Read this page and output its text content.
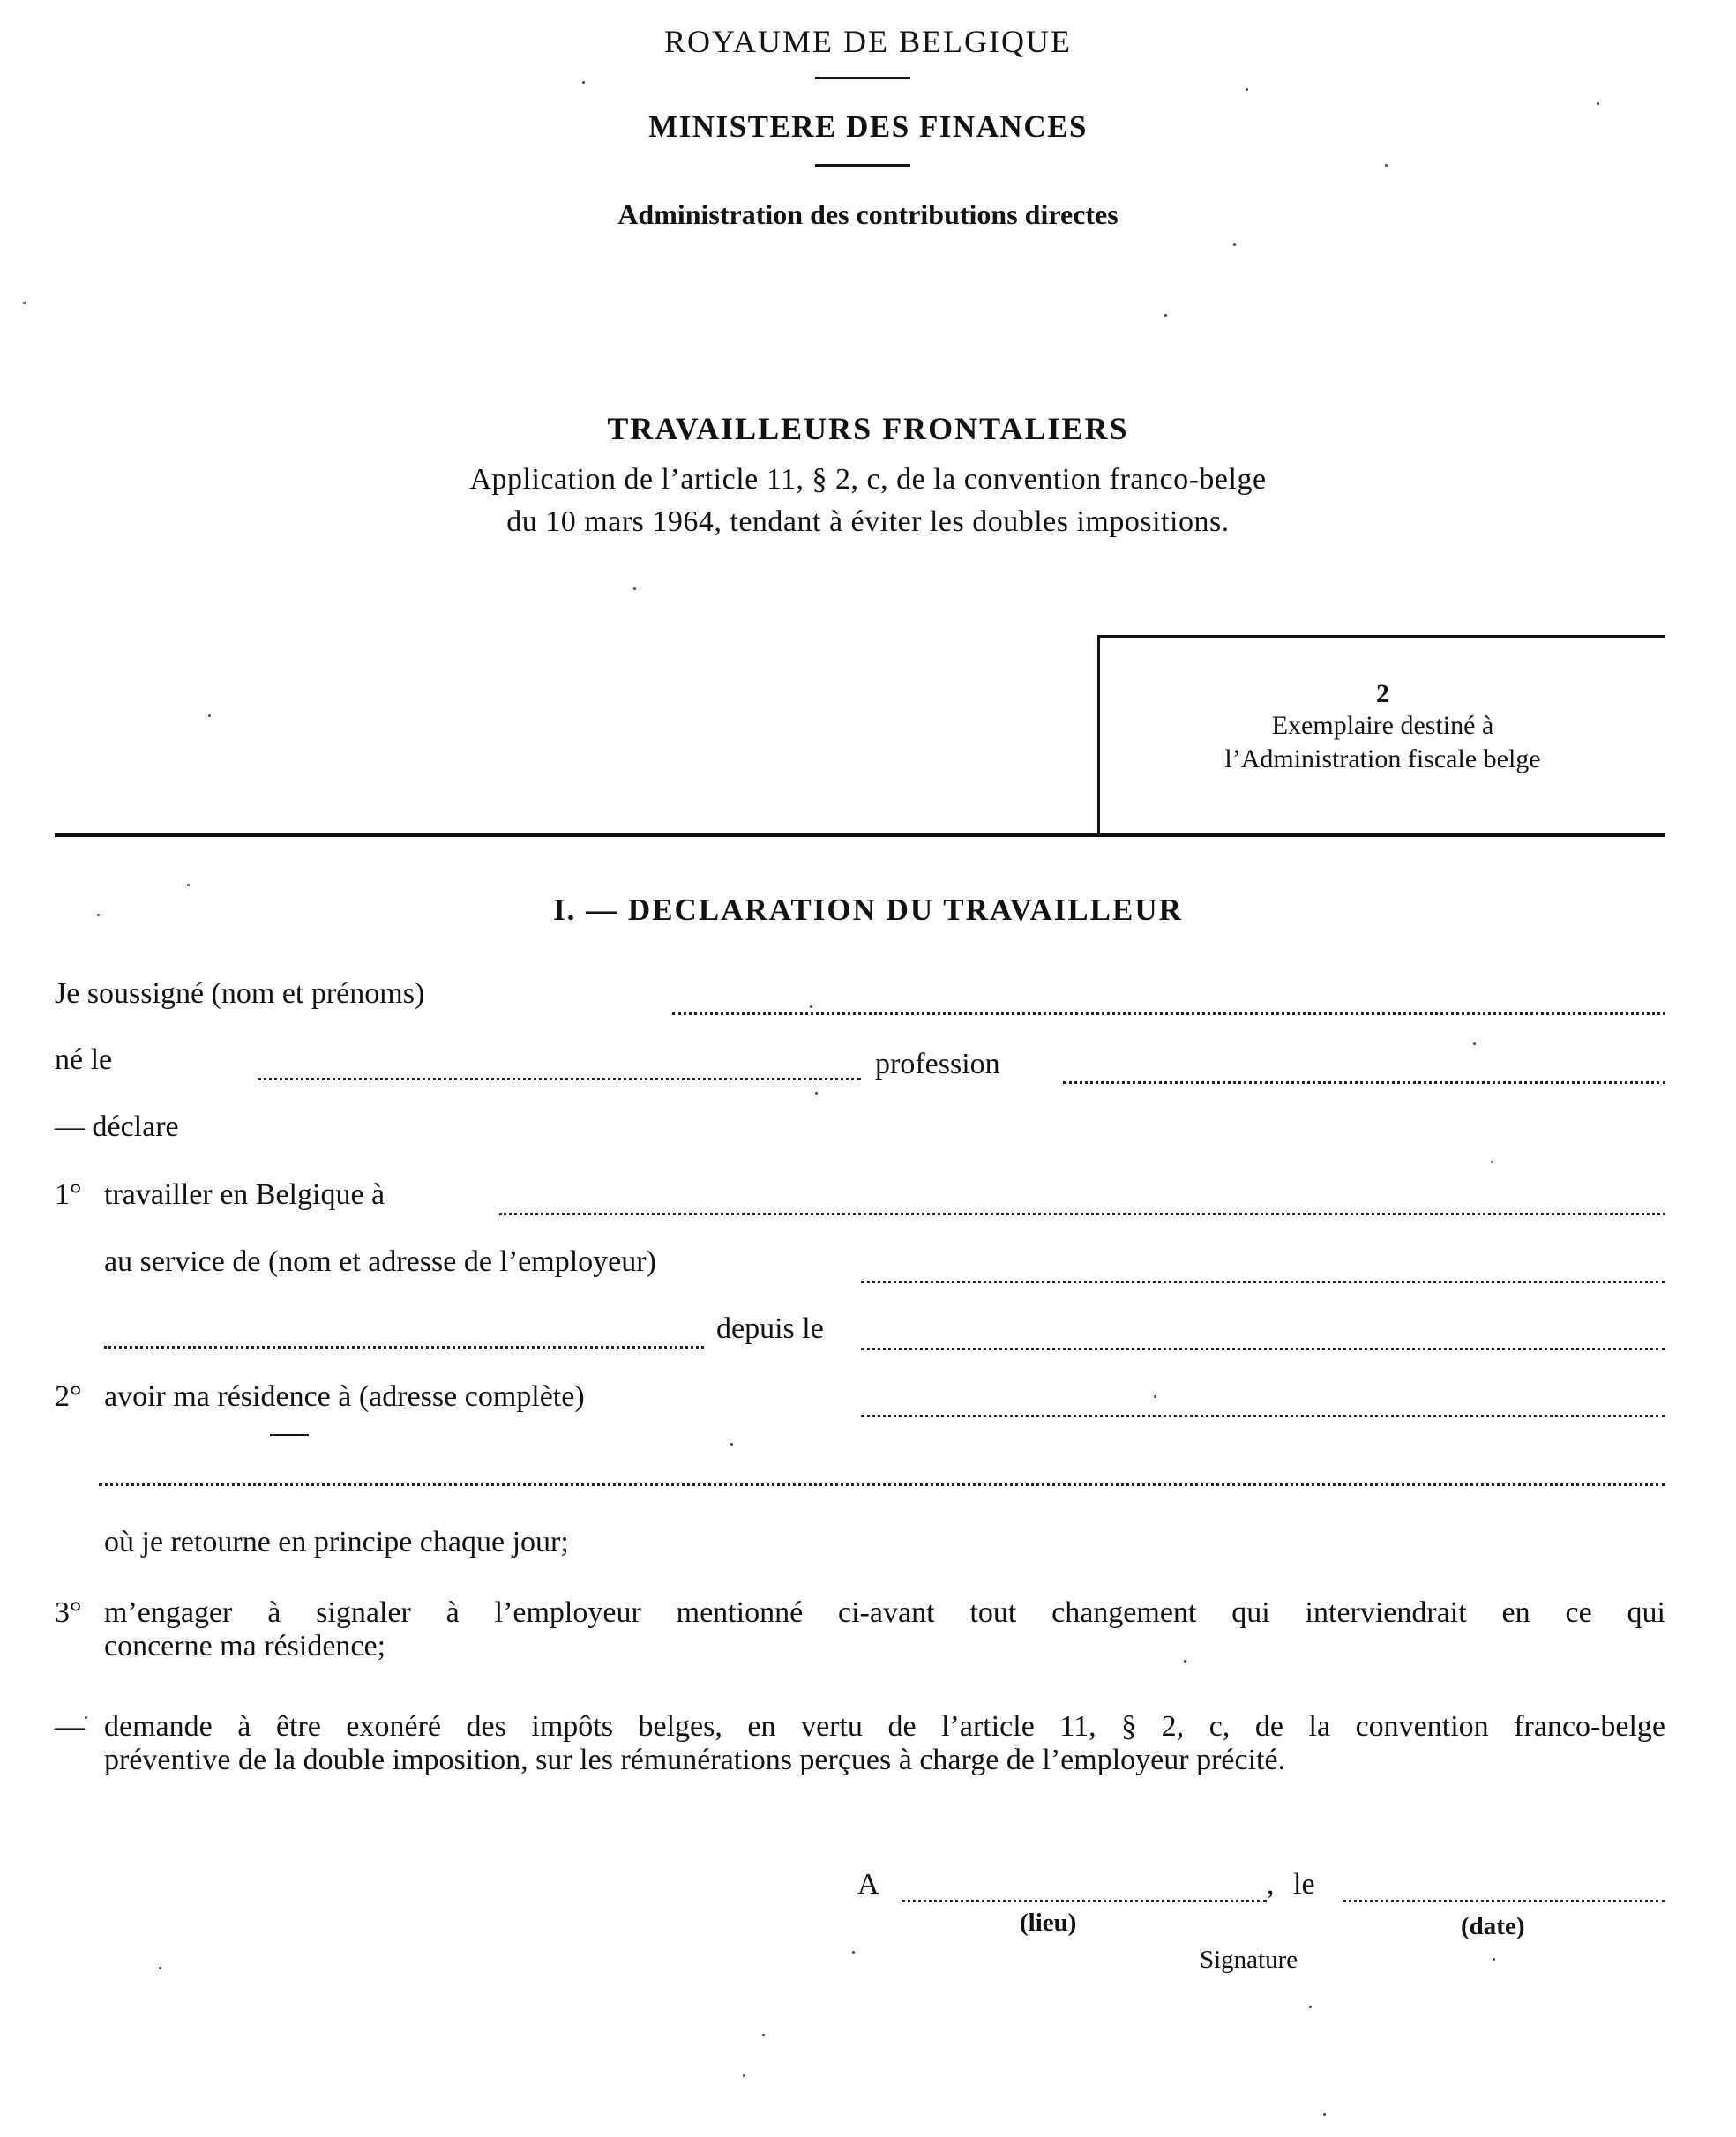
ROYAUME DE BELGIQUE
MINISTERE DES FINANCES
Administration des contributions directes
TRAVAILLEURS FRONTALIERS
Application de l’article 11, § 2, c, de la convention franco-belge
du 10 mars 1964, tendant à éviter les doubles impositions.
2
Exemplaire destiné à
l’Administration fiscale belge
I. — DECLARATION DU TRAVAILLEUR
Je soussigné (nom et prénoms)
né le	profession
— déclare
1° travailler en Belgique à
au service de (nom et adresse de l’employeur)
depuis le
2° avoir ma résidence à (adresse complète)
où je retourne en principe chaque jour;
3° m’engager à signaler à l’employeur mentionné ci-avant tout changement qui interviendrait en ce qui
concerne ma résidence;
— demande à être exonéré des impôts belges, en vertu de l’article 11, § 2, c, de la convention franco-belge
préventive de la double imposition, sur les rémunérations perçues à charge de l’employeur précité.
A	, le
(lieu)	(date)
Signature
